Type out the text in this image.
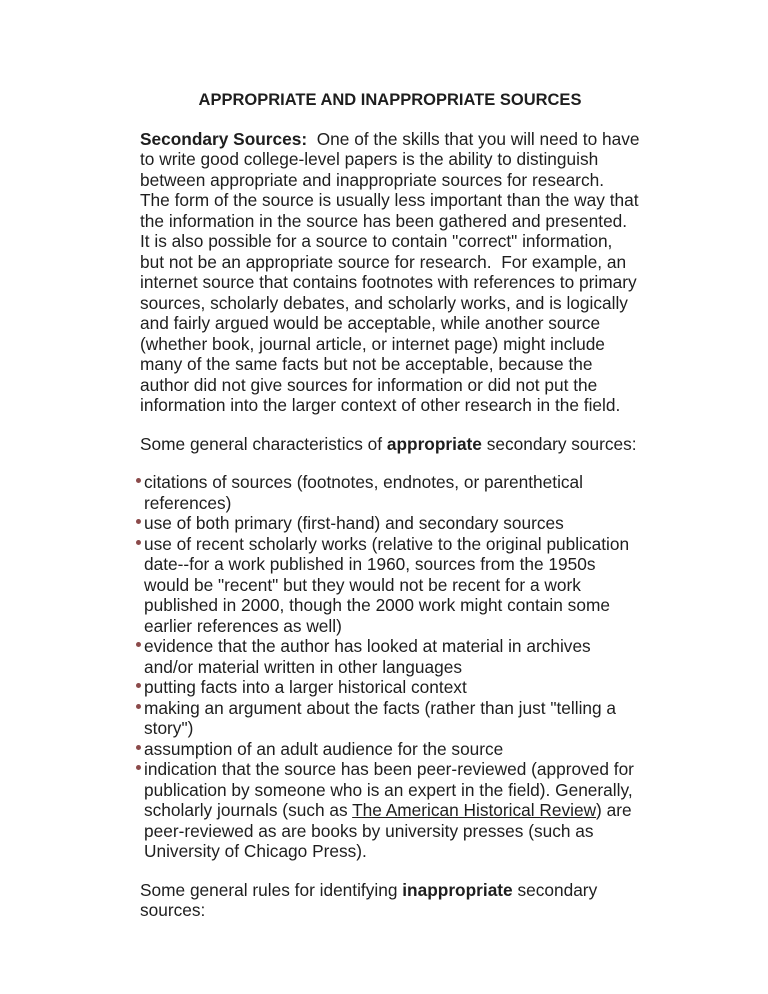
APPROPRIATE AND INAPPROPRIATE SOURCES

Secondary Sources:  One of the skills that you will need to have to write good college-level papers is the ability to distinguish between appropriate and inappropriate sources for research.  The form of the source is usually less important than the way that the information in the source has been gathered and presented.  It is also possible for a source to contain "correct" information, but not be an appropriate source for research.  For example, an internet source that contains footnotes with references to primary sources, scholarly debates, and scholarly works, and is logically and fairly argued would be acceptable, while another source (whether book, journal article, or internet page) might include many of the same facts but not be acceptable, because the author did not give sources for information or did not put the information into the larger context of other research in the field.

Some general characteristics of appropriate secondary sources:

citations of sources (footnotes, endnotes, or parenthetical references)
use of both primary (first-hand) and secondary sources
use of recent scholarly works (relative to the original publication date--for a work published in 1960, sources from the 1950s would be "recent" but they would not be recent for a work published in 2000, though the 2000 work might contain some earlier references as well)
evidence that the author has looked at material in archives and/or material written in other languages
putting facts into a larger historical context
making an argument about the facts (rather than just "telling a story")
assumption of an adult audience for the source
indication that the source has been peer-reviewed (approved for publication by someone who is an expert in the field). Generally, scholarly journals (such as The American Historical Review) are peer-reviewed as are books by university presses (such as University of Chicago Press).

Some general rules for identifying inappropriate secondary sources:
